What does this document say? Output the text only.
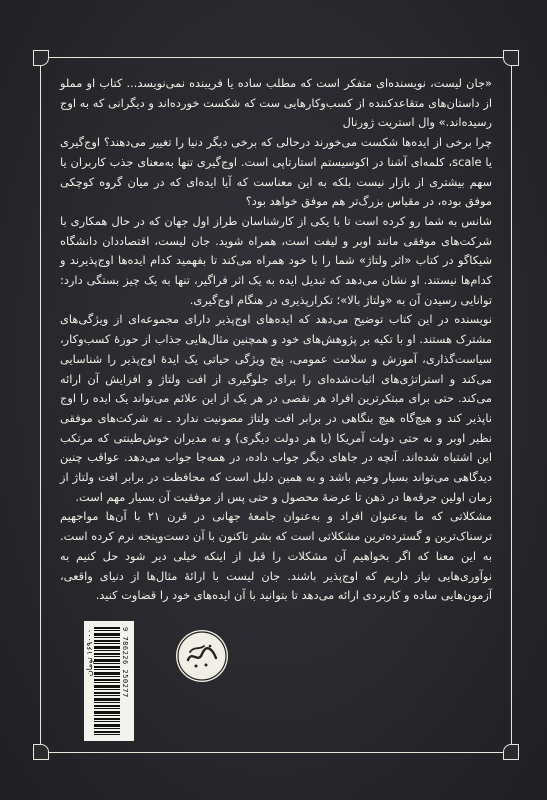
«جان لیست، نویسنده‌ای متفکر است که مطلب ساده یا فریبنده نمی‌نویسد... کتاب او مملو از داستان‌های متقاعدکننده از کسب‌وکارهایی ست که شکست خورده‌اند و دیگرانی که به اوج رسیده‌اند.» وال استریت ژورنال

چرا برخی از ایده‌ها شکست می‌خورند درحالی که برخی دیگر دنیا را تغییر می‌دهند؟ اوج‌گیری یا scale، کلمه‌ای آشنا در اکوسیستم استارتاپی است. اوج‌گیری تنها به‌معنای جذب کاربران یا سهم بیشتری از بازار نیست بلکه به این معناست که آیا ایده‌ای که در میان گروه کوچکی موفق بوده، در مقیاس بزرگ‌تر هم موفق خواهد بود؟

شانس به شما رو کرده است تا با یکی از کارشناسان طراز اول جهان که در حال همکاری با شرکت‌های موفقی مانند اوبر و لیفت است، همراه شوید. جان لیست، اقتصاددان دانشگاه شیکاگو در کتاب «اثر ولتاژ» شما را با خود همراه می‌کند تا بفهمید کدام ایده‌ها اوج‌پذیرند و کدام‌ها نیستند. او نشان می‌دهد که تبدیل ایده به یک اثر فراگیر، تنها به یک چیز بستگی دارد: توانایی رسیدن آن به «ولتاژ بالا»؛ تکرارپذیری در هنگام اوج‌گیری.

نویسنده در این کتاب توضیح می‌دهد که ایده‌های اوج‌پذیر دارای مجموعه‌ای از ویژگی‌های مشترک هستند. او با تکیه بر پژوهش‌های خود و همچنین مثال‌هایی جذاب از حوزهٔ کسب‌وکار، سیاست‌گذاری، آموزش و سلامت عمومی، پنج ویژگی حیاتی یک ایدهٔ اوج‌پذیر را شناسایی می‌کند و استراتژی‌های اثبات‌شده‌ای را برای جلوگیری از افت ولتاژ و افزایش آن ارائه می‌کند. حتی برای مبتکرترین افراد هر نقصی در هر یک از این علائم می‌تواند یک ایده را اوج ناپذیر کند و هیچ‌گاه هیچ بنگاهی در برابر افت ولتاژ مصونیت ندارد ـ نه شرکت‌های موفقی نظیر اوبر و نه حتی دولت آمریکا (یا هر دولت دیگری) و نه مدیران خوش‌طینتی که مرتکب این اشتباه شده‌اند. آنچه در جاهای دیگر جواب داده، در همه‌جا جواب می‌دهد. عواقب چنین دیدگاهی می‌تواند بسیار وخیم باشد و به همین دلیل است که محافظت در برابر افت ولتاژ از زمان اولین جرقه‌ها در ذهن تا عرضهٔ محصول و حتی پس از موفقیت آن بسیار مهم است.

مشکلاتی که ما به‌عنوان افراد و به‌عنوان جامعهٔ جهانی در قرن ۲۱ با آن‌ها مواجهیم ترسناک‌ترین و گسترده‌ترین مشکلاتی است که بشر تاکنون با آن دست‌وپنجه نرم کرده است. به این معنا که اگر بخواهیم آن مشکلات را قبل از اینکه خیلی دیر شود حل کنیم به نوآوری‌هایی نیاز داریم که اوج‌پذیر باشند. جان لیست با ارائهٔ مثال‌ها از دنیای واقعی، آزمون‌هایی ساده و کاربردی ارائه می‌دهد تا بتوانید با آن ایده‌های خود را قضاوت کنید.

۱۶۹۰۰۰ تومان	9 786226 250277
